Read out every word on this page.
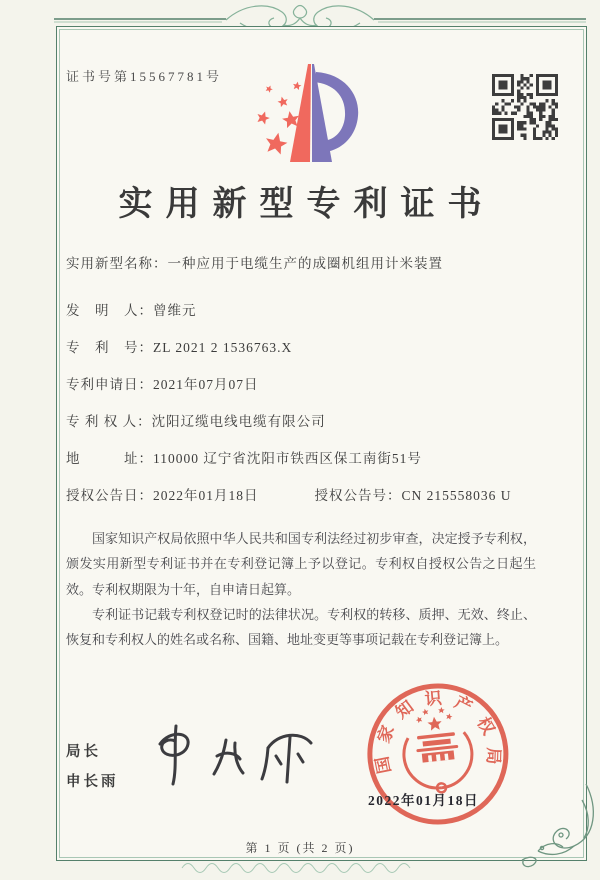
证书号第15567781号
实用新型专利证书
实用新型名称：一种应用于电缆生产的成圈机组用计米装置
发　明　人：曾维元
专　利　号：ZL 2021 2 1536763.X
专利申请日：2021年07月07日
专 利 权 人：沈阳辽缆电线电缆有限公司
地　　　址：110000 辽宁省沈阳市铁西区保工南街51号
授权公告日：2022年01月18日	授权公告号：CN 215558036 U

国家知识产权局依照中华人民共和国专利法经过初步审查，决定授予专利权，颁发实用新型专利证书并在专利登记簿上予以登记。专利权自授权公告之日起生效。专利权期限为十年，自申请日起算。

专利证书记载专利权登记时的法律状况。专利权的转移、质押、无效、终止、恢复和专利权人的姓名或名称、国籍、地址变更等事项记载在专利登记簿上。

局长
申长雨
国家知识产权局
2022年01月18日
第 1 页 (共 2 页)
